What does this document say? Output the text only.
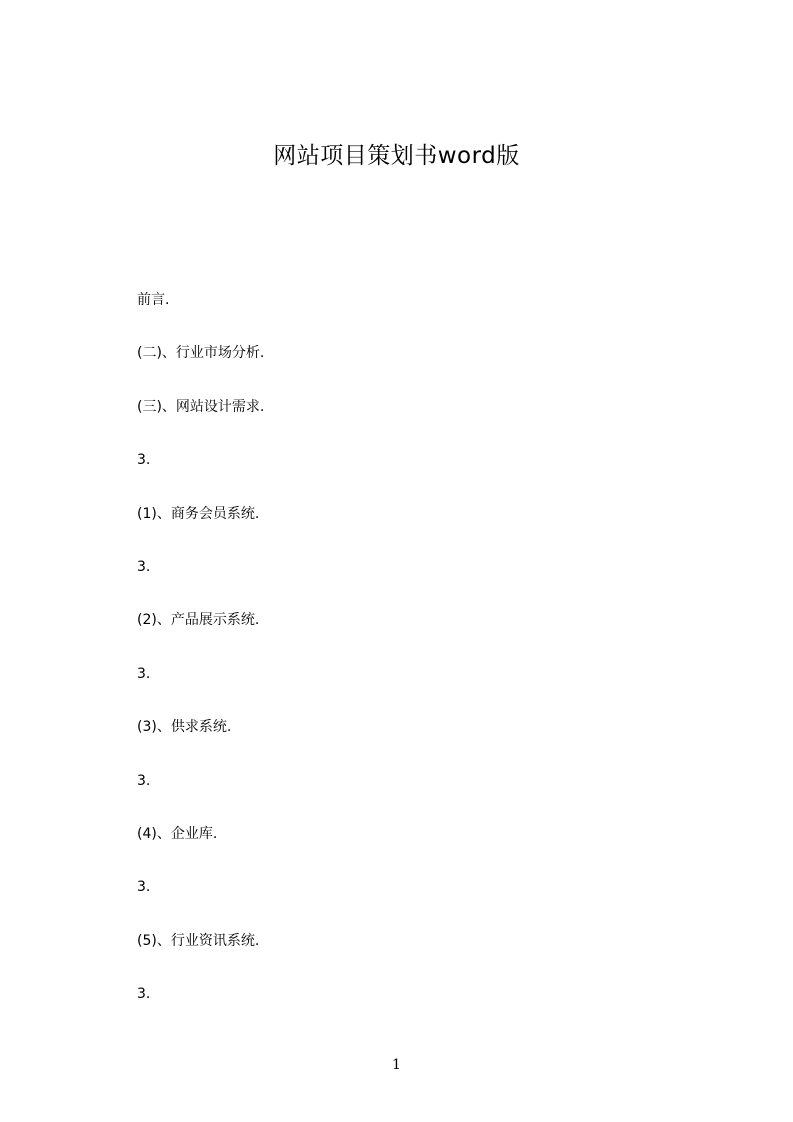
网站项目策划书word版
前言.
(二)、行业市场分析.
(三)、网站设计需求.
3.
(1)、商务会员系统.
3.
(2)、产品展示系统.
3.
(3)、供求系统.
3.
(4)、企业库.
3.
(5)、行业资讯系统.
3.
1
